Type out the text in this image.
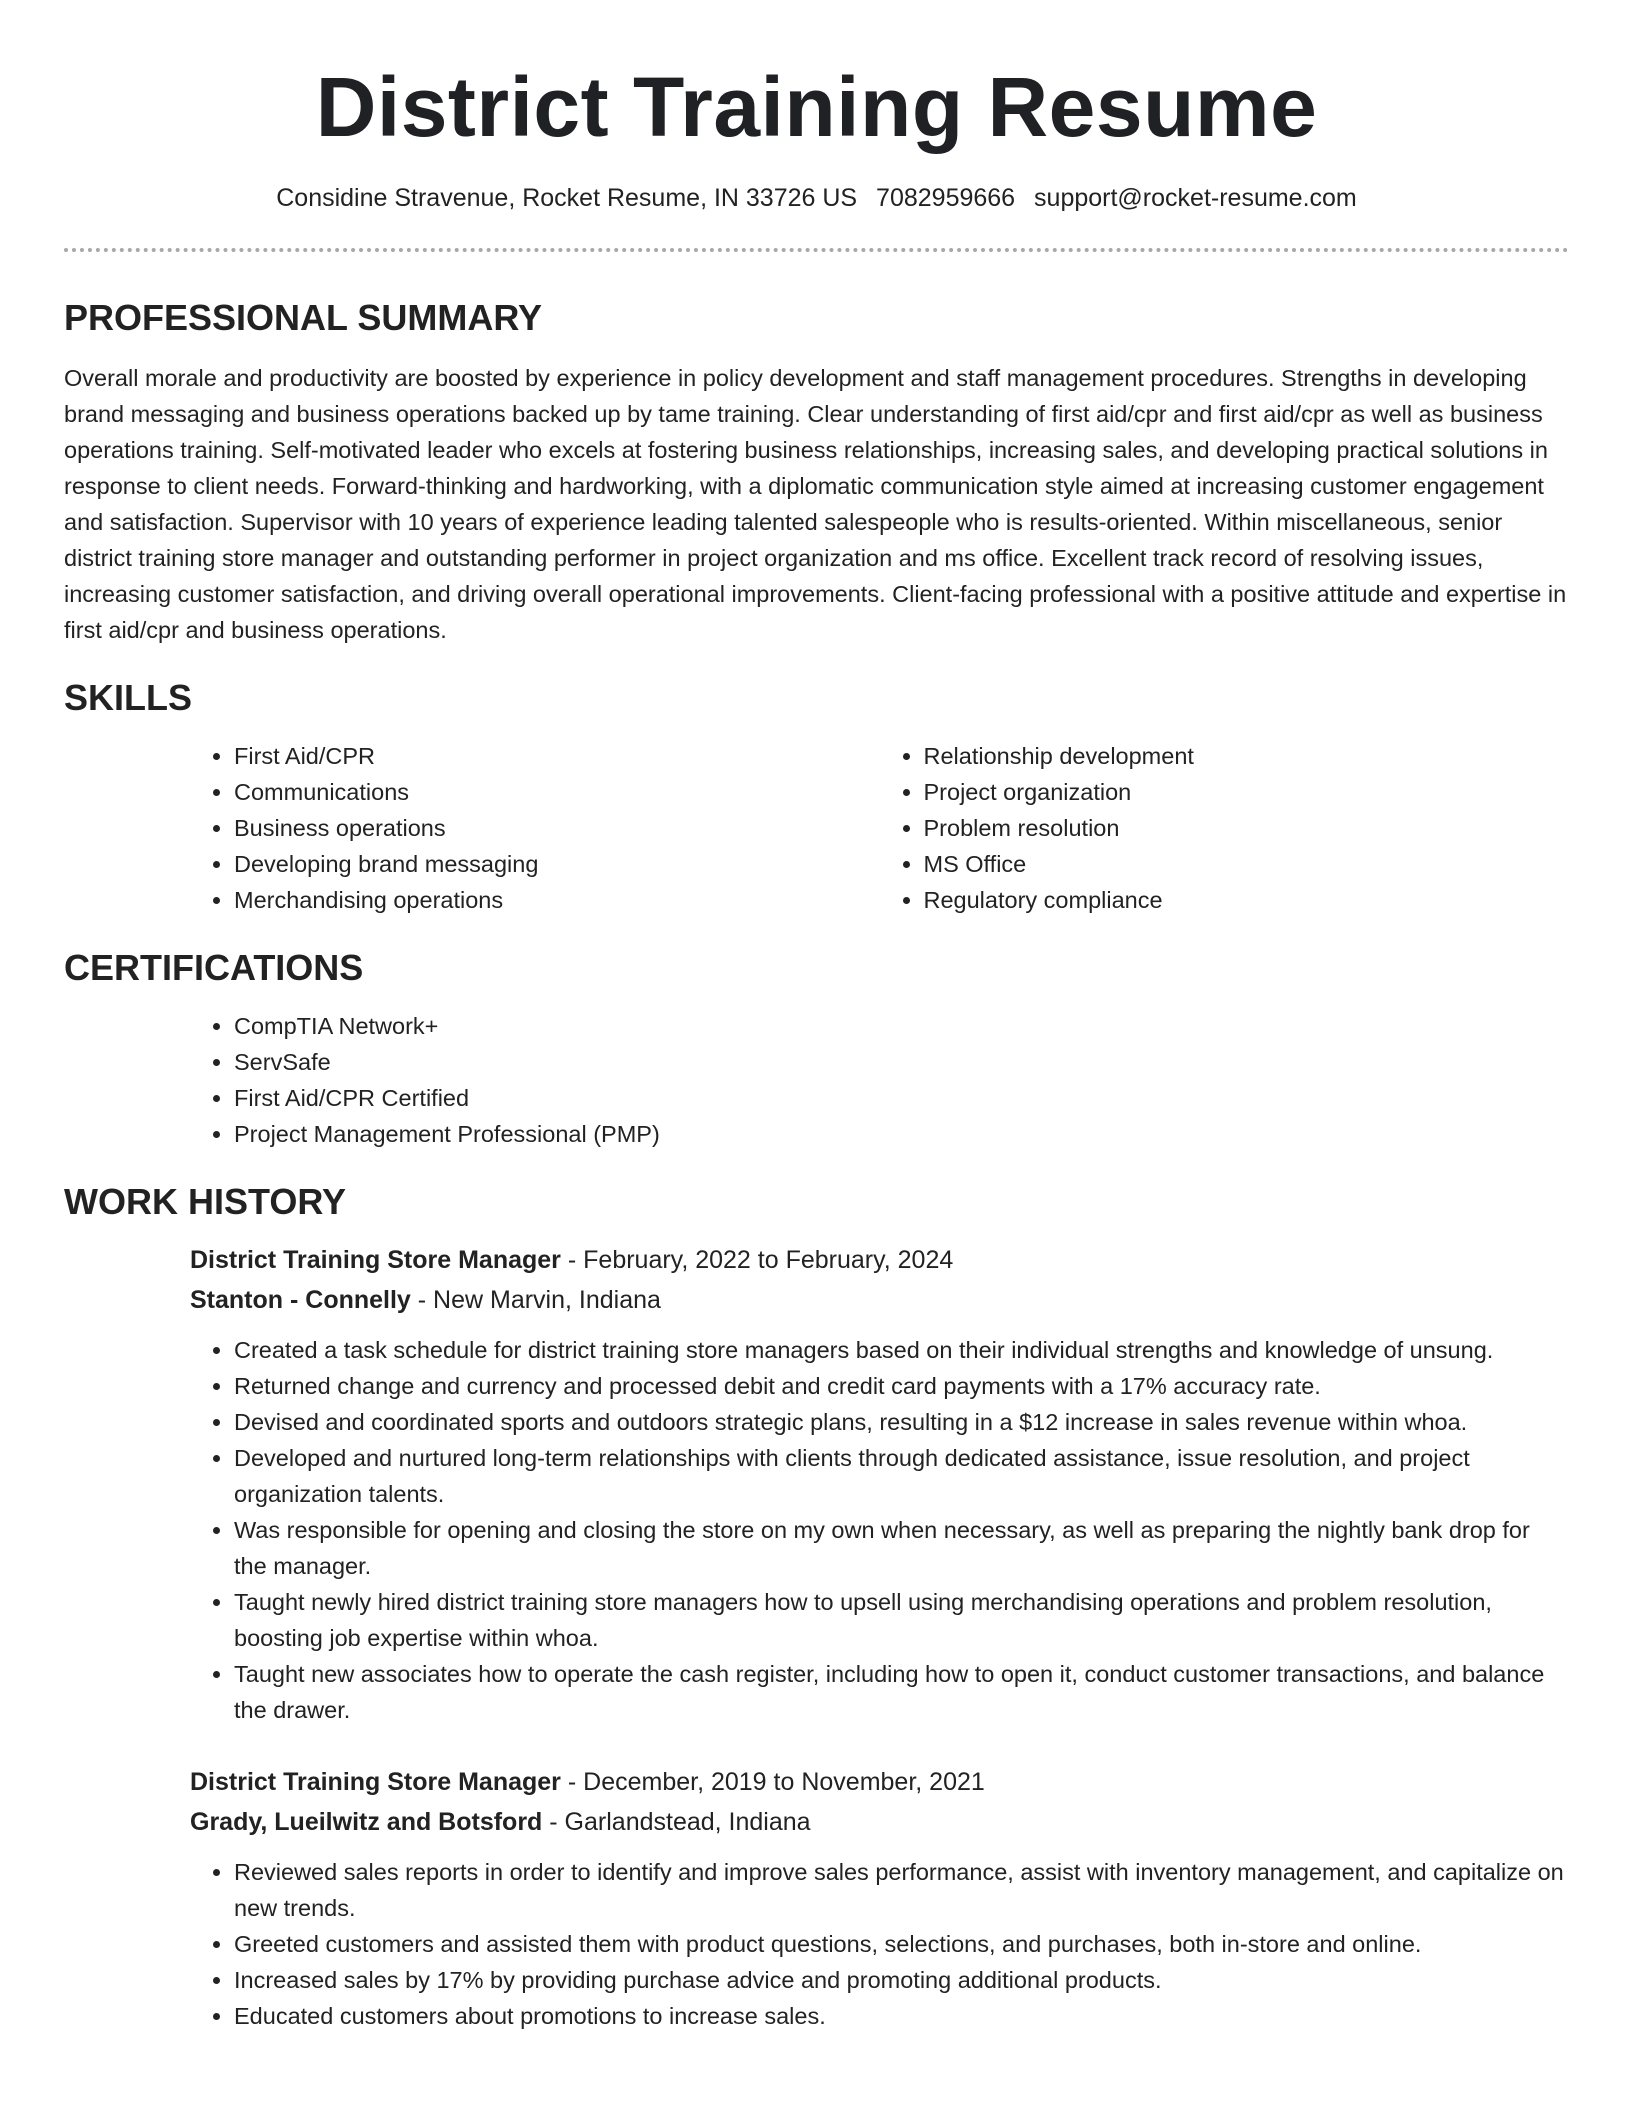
District Training Resume
Considine Stravenue, Rocket Resume, IN 33726 US 7082959666 support@rocket-resume.com
PROFESSIONAL SUMMARY

Overall morale and productivity are boosted by experience in policy development and staff management procedures. Strengths in developing brand messaging and business operations backed up by tame training. Clear understanding of first aid/cpr and first aid/cpr as well as business operations training. Self-motivated leader who excels at fostering business relationships, increasing sales, and developing practical solutions in response to client needs. Forward-thinking and hardworking, with a diplomatic communication style aimed at increasing customer engagement and satisfaction. Supervisor with 10 years of experience leading talented salespeople who is results-oriented. Within miscellaneous, senior district training store manager and outstanding performer in project organization and ms office. Excellent track record of resolving issues, increasing customer satisfaction, and driving overall operational improvements. Client-facing professional with a positive attitude and expertise in first aid/cpr and business operations.

SKILLS
• First Aid/CPR
• Communications
• Business operations
• Developing brand messaging
• Merchandising operations
• Relationship development
• Project organization
• Problem resolution
• MS Office
• Regulatory compliance
CERTIFICATIONS
• CompTIA Network+
• ServSafe
• First Aid/CPR Certified
• Project Management Professional (PMP)
WORK HISTORY
District Training Store Manager - February, 2022 to February, 2024
Stanton - Connelly - New Marvin, Indiana
• Created a task schedule for district training store managers based on their individual strengths and knowledge of unsung.
• Returned change and currency and processed debit and credit card payments with a 17% accuracy rate.
• Devised and coordinated sports and outdoors strategic plans, resulting in a $12 increase in sales revenue within whoa.
• Developed and nurtured long-term relationships with clients through dedicated assistance, issue resolution, and project organization talents.
• Was responsible for opening and closing the store on my own when necessary, as well as preparing the nightly bank drop for the manager.
• Taught newly hired district training store managers how to upsell using merchandising operations and problem resolution, boosting job expertise within whoa.
• Taught new associates how to operate the cash register, including how to open it, conduct customer transactions, and balance the drawer.
District Training Store Manager - December, 2019 to November, 2021
Grady, Lueilwitz and Botsford - Garlandstead, Indiana
• Reviewed sales reports in order to identify and improve sales performance, assist with inventory management, and capitalize on new trends.
• Greeted customers and assisted them with product questions, selections, and purchases, both in-store and online.
• Increased sales by 17% by providing purchase advice and promoting additional products.
• Educated customers about promotions to increase sales.
